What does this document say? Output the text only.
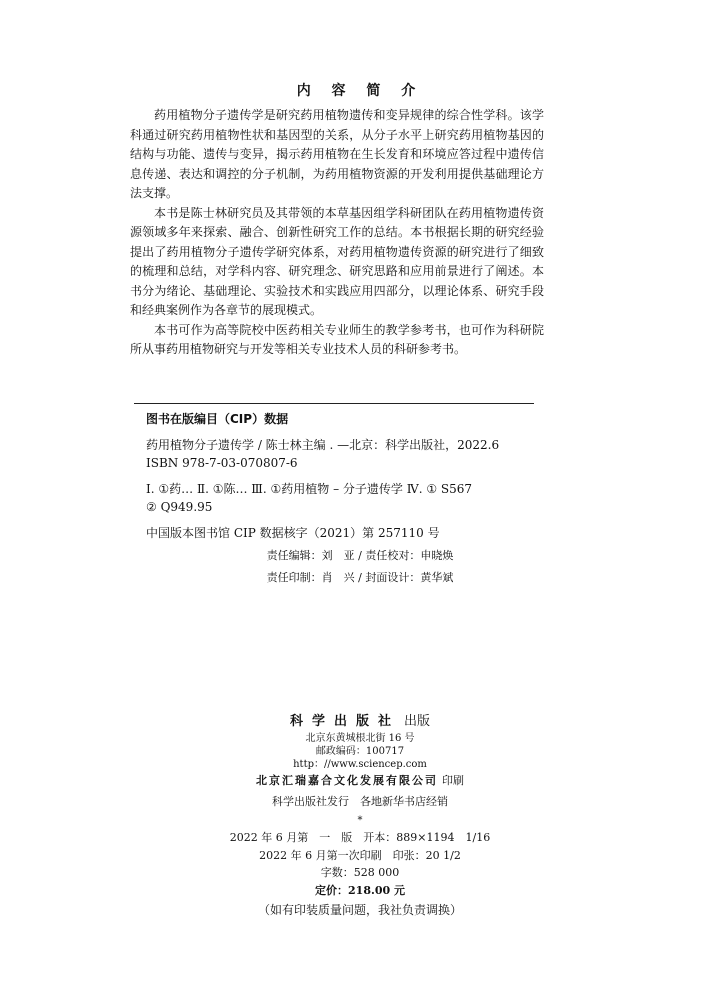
内 容 简 介

药用植物分子遗传学是研究药用植物遗传和变异规律的综合性学科。该学科通过研究药用植物性状和基因型的关系，从分子水平上研究药用植物基因的结构与功能、遗传与变异，揭示药用植物在生长发育和环境应答过程中遗传信息传递、表达和调控的分子机制，为药用植物资源的开发利用提供基础理论方法支撑。

本书是陈士林研究员及其带领的本草基因组学科研团队在药用植物遗传资源领域多年来探索、融合、创新性研究工作的总结。本书根据长期的研究经验提出了药用植物分子遗传学研究体系，对药用植物遗传资源的研究进行了细致的梳理和总结，对学科内容、研究理念、研究思路和应用前景进行了阐述。本书分为绪论、基础理论、实验技术和实践应用四部分，以理论体系、研究手段和经典案例作为各章节的展现模式。

本书可作为高等院校中医药相关专业师生的教学参考书，也可作为科研院所从事药用植物研究与开发等相关专业技术人员的科研参考书。

图书在版编目（CIP）数据
药用植物分子遗传学 / 陈士林主编 . —北京：科学出版社，2022.6
ISBN 978-7-03-070807-6
Ⅰ. ①药… Ⅱ. ①陈… Ⅲ. ①药用植物 – 分子遗传学 Ⅳ. ① S567
② Q949.95
中国版本图书馆 CIP 数据核字（2021）第 257110 号
责任编辑：刘　亚 / 责任校对：申晓焕
责任印制：肖　兴 / 封面设计：黄华斌
科学出版社 出版
北京东黄城根北街 16 号
邮政编码：100717
http：//www.sciencep.com
北京汇瑞嘉合文化发展有限公司 印刷
科学出版社发行　各地新华书店经销
*
2022 年 6 月第　一　版　开本：889×1194　1/16
2022 年 6 月第一次印刷　印张：20 1/2
字数：528 000
定价：218.00 元
（如有印装质量问题，我社负责调换）
